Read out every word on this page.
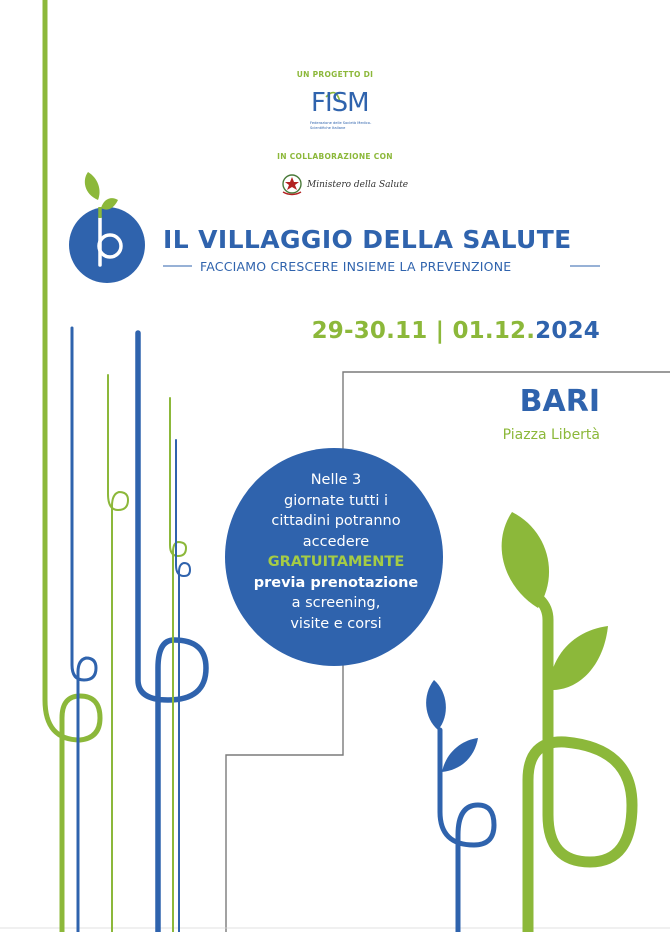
UN PROGETTO DI
FISM
Federazione delle Società Medico-Scientifiche Italiane
IN COLLABORAZIONE CON
Ministero della Salute
IL VILLAGGIO DELLA SALUTE
FACCIAMO CRESCERE INSIEME LA PREVENZIONE
29-30.11 | 01.12.2024
BARI
Piazza Libertà
Nelle 3
giornate tutti i
cittadini potranno
accedere
GRATUITAMENTE
previa prenotazione
a screening,
visite e corsi
